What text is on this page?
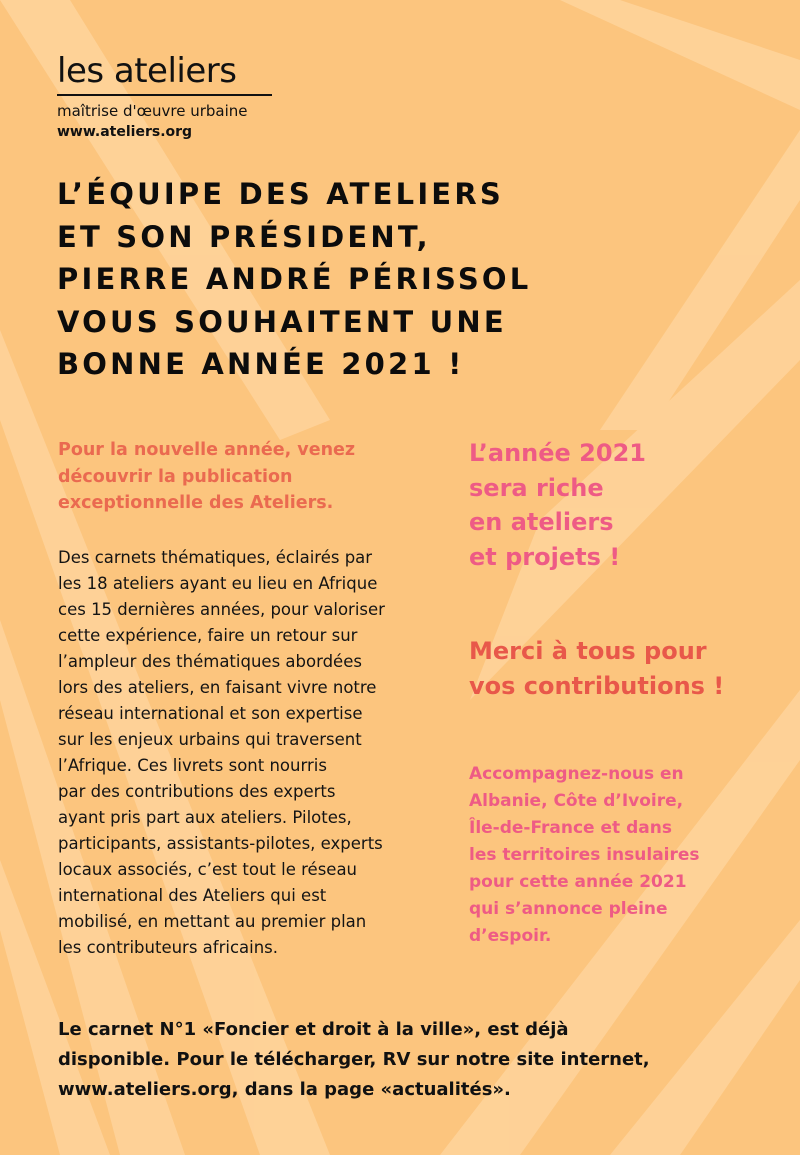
les ateliers
maîtrise d'œuvre urbaine
www.ateliers.org
L’ÉQUIPE DES ATELIERS
ET SON PRÉSIDENT,
PIERRE ANDRÉ PÉRISSOL
VOUS SOUHAITENT UNE
BONNE ANNÉE 2021 !
Pour la nouvelle année, venez
découvrir la publication
exceptionnelle des Ateliers.
Des carnets thématiques, éclairés par
les 18 ateliers ayant eu lieu en Afrique
ces 15 dernières années, pour valoriser
cette expérience, faire un retour sur
l’ampleur des thématiques abordées
lors des ateliers, en faisant vivre notre
réseau international et son expertise
sur les enjeux urbains qui traversent
l’Afrique. Ces livrets sont nourris
par des contributions des experts
ayant pris part aux ateliers. Pilotes,
participants, assistants-pilotes, experts
locaux associés, c’est tout le réseau
international des Ateliers qui est
mobilisé, en mettant au premier plan
les contributeurs africains.
L’année 2021
sera riche
en ateliers
et projets !
Merci à tous pour
vos contributions !
Accompagnez-nous en
Albanie, Côte d’Ivoire,
Île-de-France et dans
les territoires insulaires
pour cette année 2021
qui s’annonce pleine
d’espoir.
Le carnet N°1 «Foncier et droit à la ville», est déjà
disponible. Pour le télécharger, RV sur notre site internet,
www.ateliers.org, dans la page «actualités».
